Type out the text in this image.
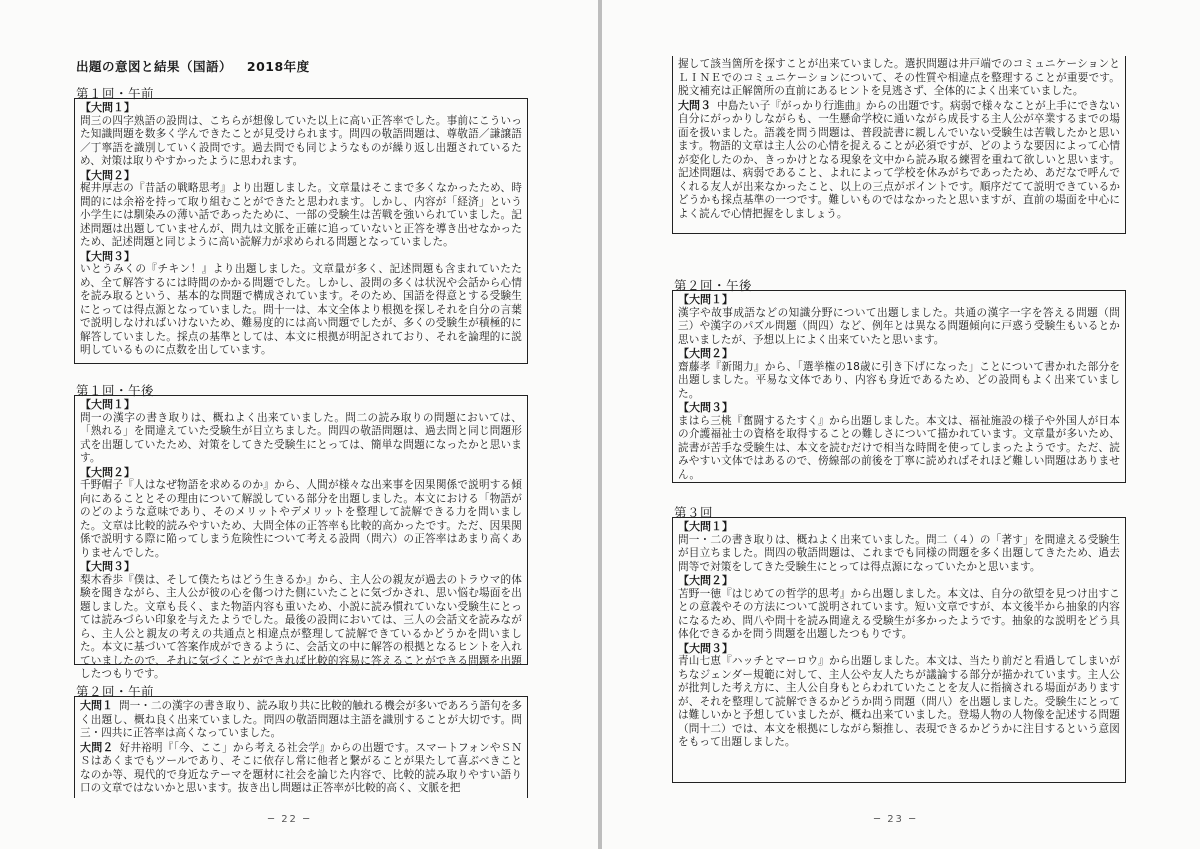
出題の意図と結果（国語） 2018年度
第１回・午前
【大問１】
問三の四字熟語の設問は、こちらが想像していた以上に高い正答率でした。事前にこういった知識問題を数多く学んできたことが見受けられます。問四の敬語問題は、尊敬語／謙譲語／丁寧語を識別していく設問です。過去問でも同じようなものが繰り返し出題されているため、対策は取りやすかったように思われます。
【大問２】
梶井厚志の『昔話の戦略思考』より出題しました。文章量はそこまで多くなかったため、時間的には余裕を持って取り組むことができたと思われます。しかし、内容が「経済」という小学生には馴染みの薄い話であったために、一部の受験生は苦戦を強いられていました。記述問題は出題していませんが、問九は文脈を正確に追っていないと正答を導き出せなかったため、記述問題と同じように高い読解力が求められる問題となっていました。
【大問３】
いとうみくの『チキン！』より出題しました。文章量が多く、記述問題も含まれていたため、全て解答するには時間のかかる問題でした。しかし、設問の多くは状況や会話から心情を読み取るという、基本的な問題で構成されています。そのため、国語を得意とする受験生にとっては得点源となっていました。問十一は、本文全体より根拠を探しそれを自分の言葉で説明しなければいけないため、難易度的には高い問題でしたが、多くの受験生が積極的に解答していました。採点の基準としては、本文に根拠が明記されており、それを論理的に説明しているものに点数を出しています。
第１回・午後
【大問１】
問一の漢字の書き取りは、概ねよく出来ていました。問二の読み取りの問題においては、「熟れる」を間違えていた受験生が目立ちました。問四の敬語問題は、過去問と同じ問題形式を出題していたため、対策をしてきた受験生にとっては、簡単な問題になったかと思います。
【大問２】
千野帽子『人はなぜ物語を求めるのか』から、人間が様々な出来事を因果関係で説明する傾向にあることとその理由について解説している部分を出題しました。本文における「物語がのどのような意味であり、そのメリットやデメリットを整理して読解できる力を問いました。文章は比較的読みやすいため、大問全体の正答率も比較的高かったです。ただ、因果関係で説明する際に陥ってしまう危険性について考える設問（問六）の正答率はあまり高くありませんでした。
【大問３】
梨木香歩『僕は、そして僕たちはどう生きるか』から、主人公の親友が過去のトラウマ的体験を聞きながら、主人公が彼の心を傷つけた側にいたことに気づかされ、思い悩む場面を出題しました。文章も長く、また物語内容も重いため、小説に読み慣れていない受験生にとっては読みづらい印象を与えたようでした。最後の設問においては、三人の会話文を読みながら、主人公と親友の考えの共通点と相違点が整理して読解できているかどうかを問いました。本文に基づいて答案作成ができるように、会話文の中に解答の根拠となるヒントを入れていましたので、それに気づくことができれば比較的容易に答えることができる問題を出題したつもりです。
第２回・午前
大問１ 問一・二の漢字の書き取り、読み取り共に比較的触れる機会が多いであろう語句を多く出題し、概ね良く出来ていました。問四の敬語問題は主語を識別することが大切です。問三・四共に正答率は高くなっていました。
大問２ 好井裕明『「今、ここ」から考える社会学』からの出題です。スマートフォンやＳＮＳはあくまでもツールであり、そこに依存し常に他者と繋がることが果たして喜ぶべきことなのか等、現代的で身近なテーマを題材に社会を論じた内容で、比較的読み取りやすい語り口の文章ではないかと思います。抜き出し問題は正答率が比較的高く、文脈を把
─ 22 ─
握して該当箇所を探すことが出来ていました。選択問題は井戸端でのコミュニケーションとＬＩＮＥでのコミュニケーションについて、その性質や相違点を整理することが重要です。脱文補充は正解箇所の直前にあるヒントを見逃さず、全体的によく出来ていました。
大問３ 中島たい子『がっかり行進曲』からの出題です。病弱で様々なことが上手にできない自分にがっかりしながらも、一生懸命学校に通いながら成長する主人公が卒業するまでの場面を扱いました。語義を問う問題は、普段読書に親しんでいない受験生は苦戦したかと思います。物語的文章は主人公の心情を捉えることが必須ですが、どのような要因によって心情が変化したのか、きっかけとなる現象を文中から読み取る練習を重ねて欲しいと思います。記述問題は、病弱であること、よれによって学校を休みがちであったため、あだなで呼んでくれる友人が出来なかったこと、以上の三点がポイントです。順序だてて説明できているかどうかも採点基準の一つです。難しいものではなかったと思いますが、直前の場面を中心によく読んで心情把握をしましょう。
第２回・午後
【大問１】
漢字や故事成語などの知識分野について出題しました。共通の漢字一字を答える問題（問三）や漢字のパズル問題（問四）など、例年とは異なる問題傾向に戸惑う受験生もいるとか思いましたが、予想以上によく出来ていたと思います。
【大問２】
齋藤孝『新聞力』から、「選挙権の18歳に引き下げになった」ことについて書かれた部分を出題しました。平易な文体であり、内容も身近であるため、どの設問もよく出来ていました。
【大問３】
まはら三桃『奮闘するたすく』から出題しました。本文は、福祉施設の様子や外国人が日本の介護福祉士の資格を取得することの難しさについて描かれています。文章量が多いため、読書が苦手な受験生は、本文を読むだけで相当な時間を使ってしまったようです。ただ、読みやすい文体ではあるので、傍線部の前後を丁寧に読めればそれほど難しい問題はありません。
第３回
【大問１】
問一・二の書き取りは、概ねよく出来ていました。問二（４）の「著す」を間違える受験生が目立ちました。問四の敬語問題は、これまでも同様の問題を多く出題してきたため、過去問等で対策をしてきた受験生にとっては得点源になっていたかと思います。
【大問２】
苫野一徳『はじめての哲学的思考』から出題しました。本文は、自分の欲望を見つけ出すことの意義やその方法について説明されています。短い文章ですが、本文後半から抽象的内容になるため、問八や問十を読み間違える受験生が多かったようです。抽象的な説明をどう具体化できるかを問う問題を出題したつもりです。
【大問３】
青山七恵『ハッチとマーロウ』から出題しました。本文は、当たり前だと看過してしまいがちなジェンダー規範に対して、主人公や友人たちが議論する部分が描かれています。主人公が批判した考え方に、主人公自身もとらわれていたことを友人に指摘される場面がありますが、それを整理して読解できるかどうか問う問題（問八）を出題しました。受験生にとっては難しいかと予想していましたが、概ね出来ていました。登場人物の人物像を記述する問題（問十二）では、本文を根拠にしながら類推し、表現できるかどうかに注目するという意図をもって出題しました。
─ 23 ─
